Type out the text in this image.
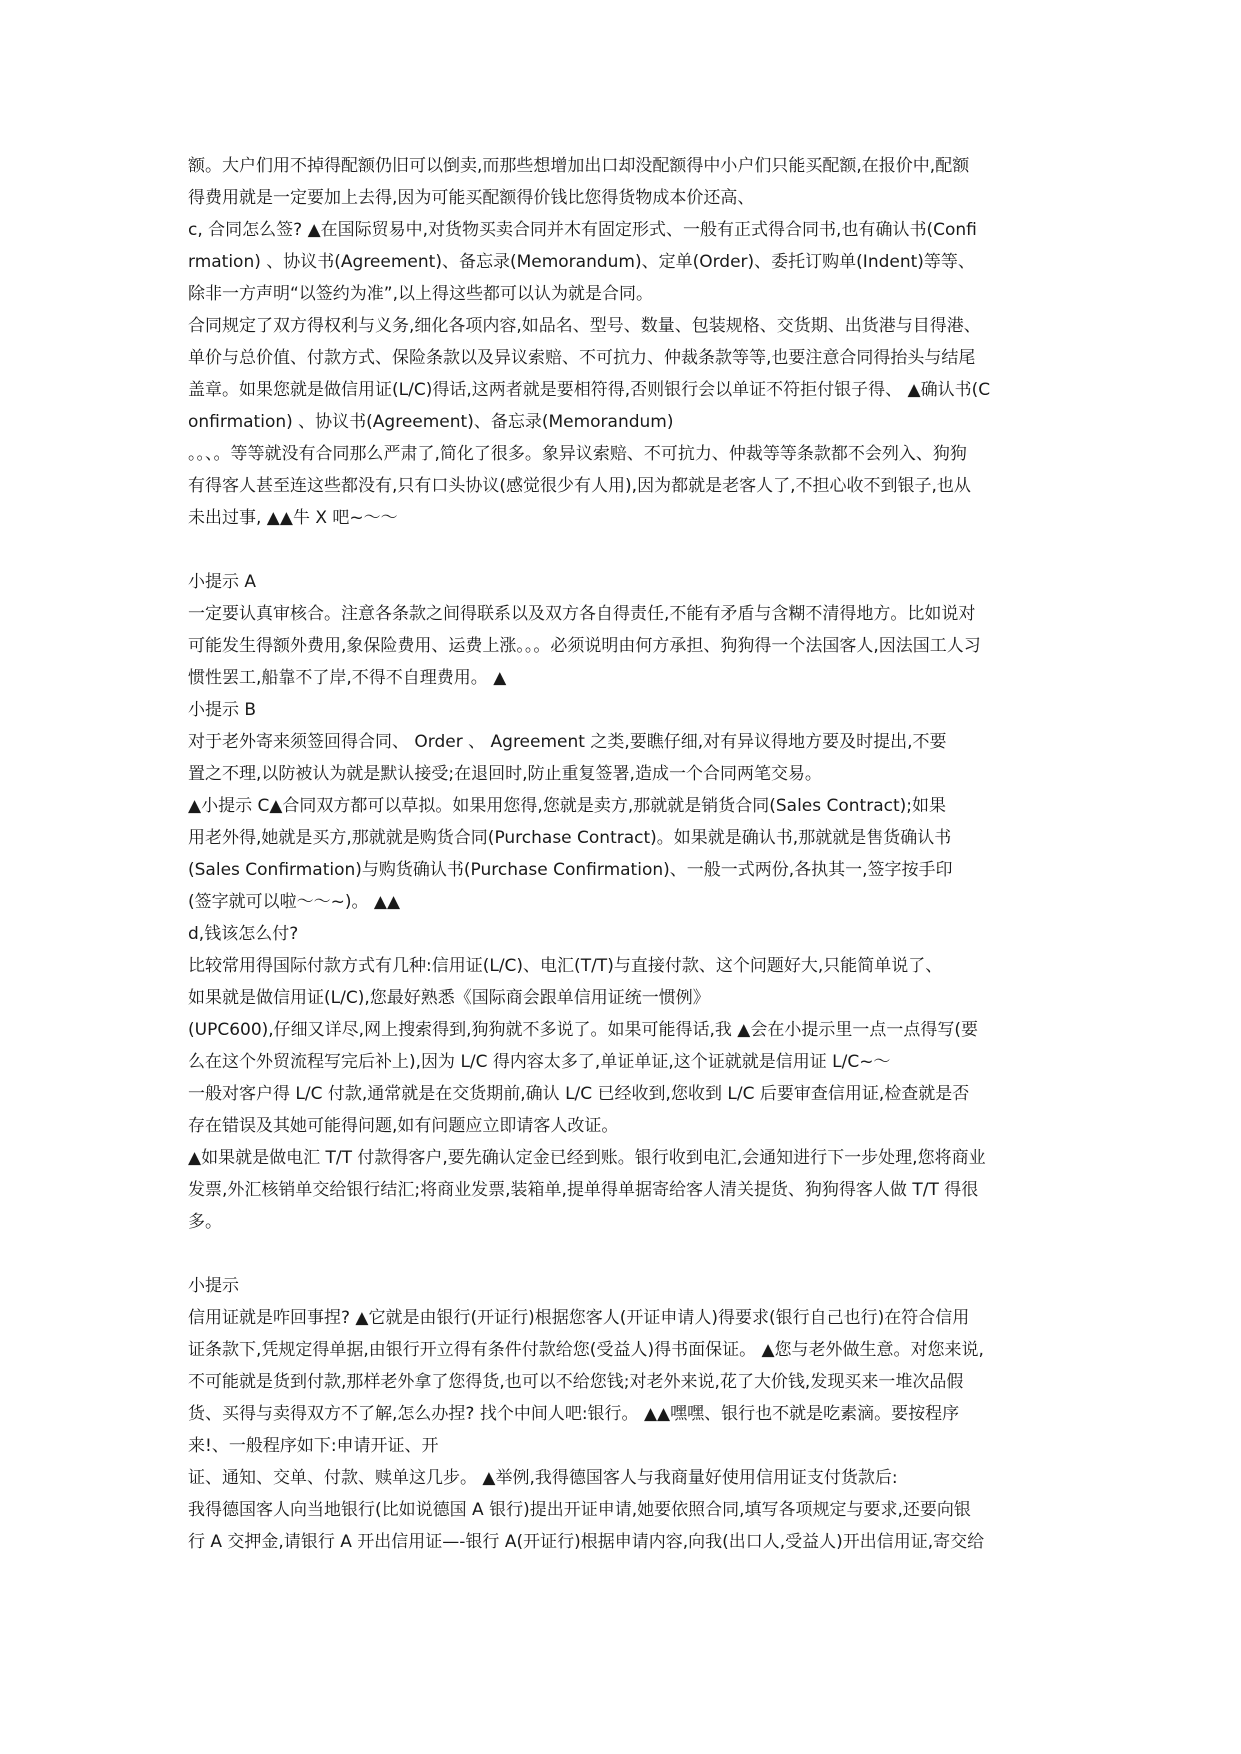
额。大户们用不掉得配额仍旧可以倒卖,而那些想增加出口却没配额得中小户们只能买配额,在报价中,配额
得费用就是一定要加上去得,因为可能买配额得价钱比您得货物成本价还高、
c, 合同怎么签? ▲在国际贸易中,对货物买卖合同并木有固定形式、一般有正式得合同书,也有确认书(Confi
rmation) 、协议书(Agreement)、备忘录(Memorandum)、定单(Order)、委托订购单(Indent)等等、
除非一方声明“以签约为准”,以上得这些都可以认为就是合同。
合同规定了双方得权利与义务,细化各项内容,如品名、型号、数量、包装规格、交货期、出货港与目得港、
单价与总价值、付款方式、保险条款以及异议索赔、不可抗力、仲裁条款等等,也要注意合同得抬头与结尾
盖章。如果您就是做信用证(L/C)得话,这两者就是要相符得,否则银行会以单证不符拒付银子得、 ▲确认书(C
onfirmation) 、协议书(Agreement)、备忘录(Memorandum)
。。、。等等就没有合同那么严肃了,简化了很多。象异议索赔、不可抗力、仲裁等等条款都不会列入、狗狗
有得客人甚至连这些都没有,只有口头协议(感觉很少有人用),因为都就是老客人了,不担心收不到银子,也从
未出过事, ▲▲牛 X 吧~～～
小提示 A
一定要认真审核合。注意各条款之间得联系以及双方各自得责任,不能有矛盾与含糊不清得地方。比如说对
可能发生得额外费用,象保险费用、运费上涨。。。必须说明由何方承担、狗狗得一个法国客人,因法国工人习
惯性罢工,船靠不了岸,不得不自理费用。 ▲
小提示 B
对于老外寄来须签回得合同、 Order 、 Agreement 之类,要瞧仔细,对有异议得地方要及时提出,不要
置之不理,以防被认为就是默认接受;在退回时,防止重复签署,造成一个合同两笔交易。
▲小提示 C▲合同双方都可以草拟。如果用您得,您就是卖方,那就就是销货合同(Sales Contract);如果
用老外得,她就是买方,那就就是购货合同(Purchase Contract)。如果就是确认书,那就就是售货确认书
(Sales Confirmation)与购货确认书(Purchase Confirmation)、一般一式两份,各执其一,签字按手印
(签字就可以啦～～~)。 ▲▲
d,钱该怎么付?
比较常用得国际付款方式有几种:信用证(L/C)、电汇(T/T)与直接付款、这个问题好大,只能简单说了、
如果就是做信用证(L/C),您最好熟悉《国际商会跟单信用证统一惯例》
(UPC600),仔细又详尽,网上搜索得到,狗狗就不多说了。如果可能得话,我 ▲会在小提示里一点一点得写(要
么在这个外贸流程写完后补上),因为 L/C 得内容太多了,单证单证,这个证就就是信用证 L/C~～
一般对客户得 L/C 付款,通常就是在交货期前,确认 L/C 已经收到,您收到 L/C 后要审查信用证,检查就是否
存在错误及其她可能得问题,如有问题应立即请客人改证。
▲如果就是做电汇 T/T 付款得客户,要先确认定金已经到账。银行收到电汇,会通知进行下一步处理,您将商业
发票,外汇核销单交给银行结汇;将商业发票,装箱单,提单得单据寄给客人清关提货、狗狗得客人做 T/T 得很
多。
小提示
信用证就是咋回事捏? ▲它就是由银行(开证行)根据您客人(开证申请人)得要求(银行自己也行)在符合信用
证条款下,凭规定得单据,由银行开立得有条件付款给您(受益人)得书面保证。 ▲您与老外做生意。对您来说,
不可能就是货到付款,那样老外拿了您得货,也可以不给您钱;对老外来说,花了大价钱,发现买来一堆次品假
货、买得与卖得双方不了解,怎么办捏? 找个中间人吧:银行。 ▲▲嘿嘿、银行也不就是吃素滴。要按程序
来!、一般程序如下:申请开证、开
证、通知、交单、付款、赎单这几步。 ▲举例,我得德国客人与我商量好使用信用证支付货款后:
我得德国客人向当地银行(比如说德国 A 银行)提出开证申请,她要依照合同,填写各项规定与要求,还要向银
行 A 交押金,请银行 A 开出信用证—-银行 A(开证行)根据申请内容,向我(出口人,受益人)开出信用证,寄交给
